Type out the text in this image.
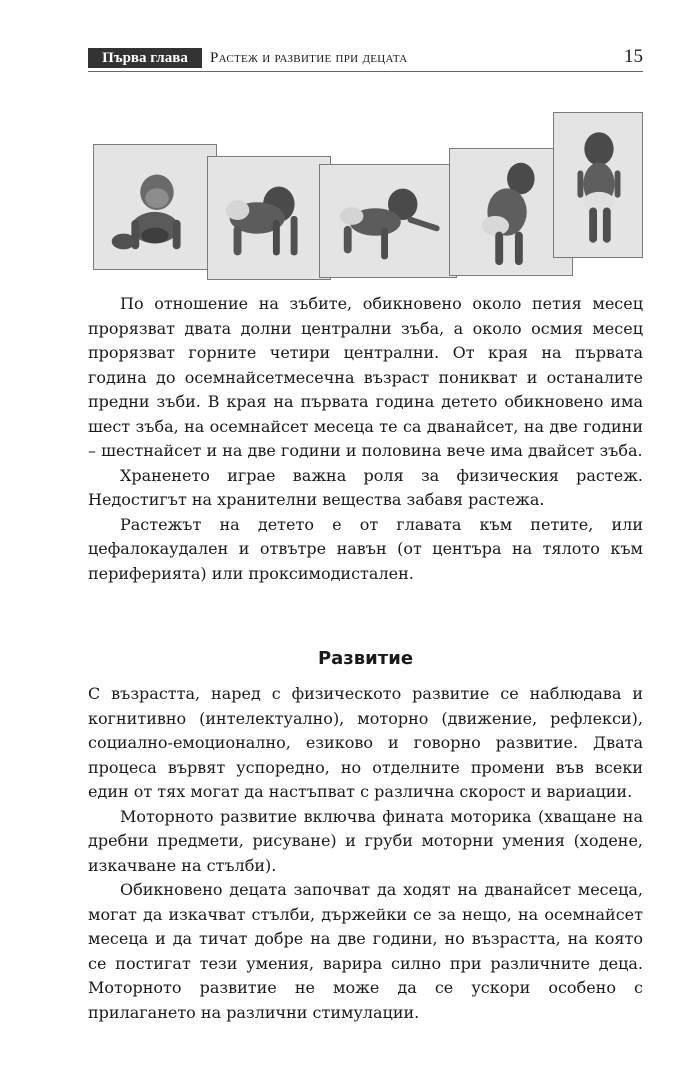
Първа глава	Растеж и развитие при децата	15

По отношение на зъбите, обикновено около петия месец прорязват двата долни централни зъба, а около осмия месец прорязват горните четири централни. От края на първата година до осемнайсетмесечна възраст поникват и останалите предни зъби. В края на първата година детето обикновено има шест зъба, на осемнайсет месеца те са дванайсет, на две години – шестнайсет и на две години и половина вече има двайсет зъба.

Храненето играе важна роля за физическия растеж. Недостигът на хранителни вещества забавя растежа.

Растежът на детето е от главата към петите, или цефалокаудален и отвътре навън (от центъра на тялото към периферията) или проксимодистален.

Развитие

С възрастта, наред с физическото развитие се наблюдава и когнитивно (интелектуално), моторно (движение, рефлекси), социално-емоционално, езиково и говорно развитие. Двата процеса вървят успоредно, но отделните промени във всеки един от тях могат да настъпват с различна скорост и вариации.

Моторното развитие включва фината моторика (хващане на дребни предмети, рисуване) и груби моторни умения (ходене, изкачване на стълби).

Обикновено децата започват да ходят на дванайсет месеца, могат да изкачват стълби, държейки се за нещо, на осемнайсет месеца и да тичат добре на две години, но възрастта, на която се постигат тези умения, варира силно при различните деца. Моторното развитие не може да се ускори особено с прилагането на различни стимулации.
